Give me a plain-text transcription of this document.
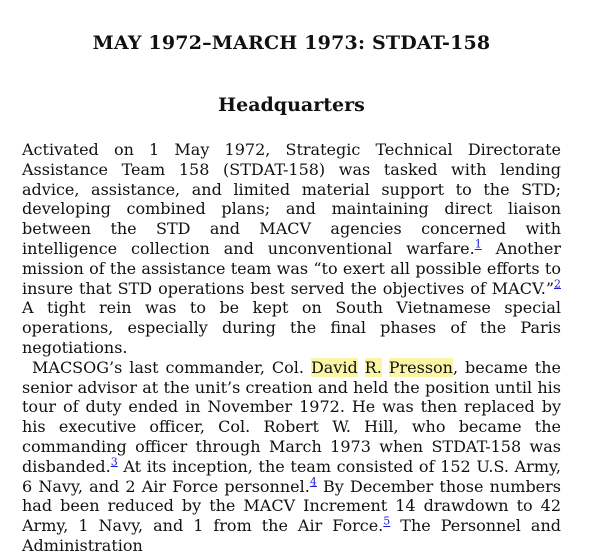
MAY 1972–MARCH 1973: STDAT-158
Headquarters

Activated on 1 May 1972, Strategic Technical Directorate Assistance Team 158 (STDAT-158) was tasked with lending advice, assistance, and limited material support to the STD; developing combined plans; and maintaining direct liaison between the STD and MACV agencies concerned with intelligence collection and unconventional warfare.$^1$ Another mission of the assistance team was “to exert all possible efforts to insure that STD operations best served the objectives of MACV.”$^2$ A tight rein was to be kept on South Vietnamese special operations, especially during the final phases of the Paris negotiations.

MACSOG’s last commander, Col. David R. Presson, became the senior advisor at the unit’s creation and held the position until his tour of duty ended in November 1972. He was then replaced by his executive officer, Col. Robert W. Hill, who became the commanding officer through March 1973 when STDAT-158 was disbanded.$^3$ At its inception, the team consisted of 152 U.S. Army, 6 Navy, and 2 Air Force personnel.$^4$ By December those numbers had been reduced by the MACV Increment 14 drawdown to 42 Army, 1 Navy, and 1 from the Air Force.$^5$ The Personnel and Administration
